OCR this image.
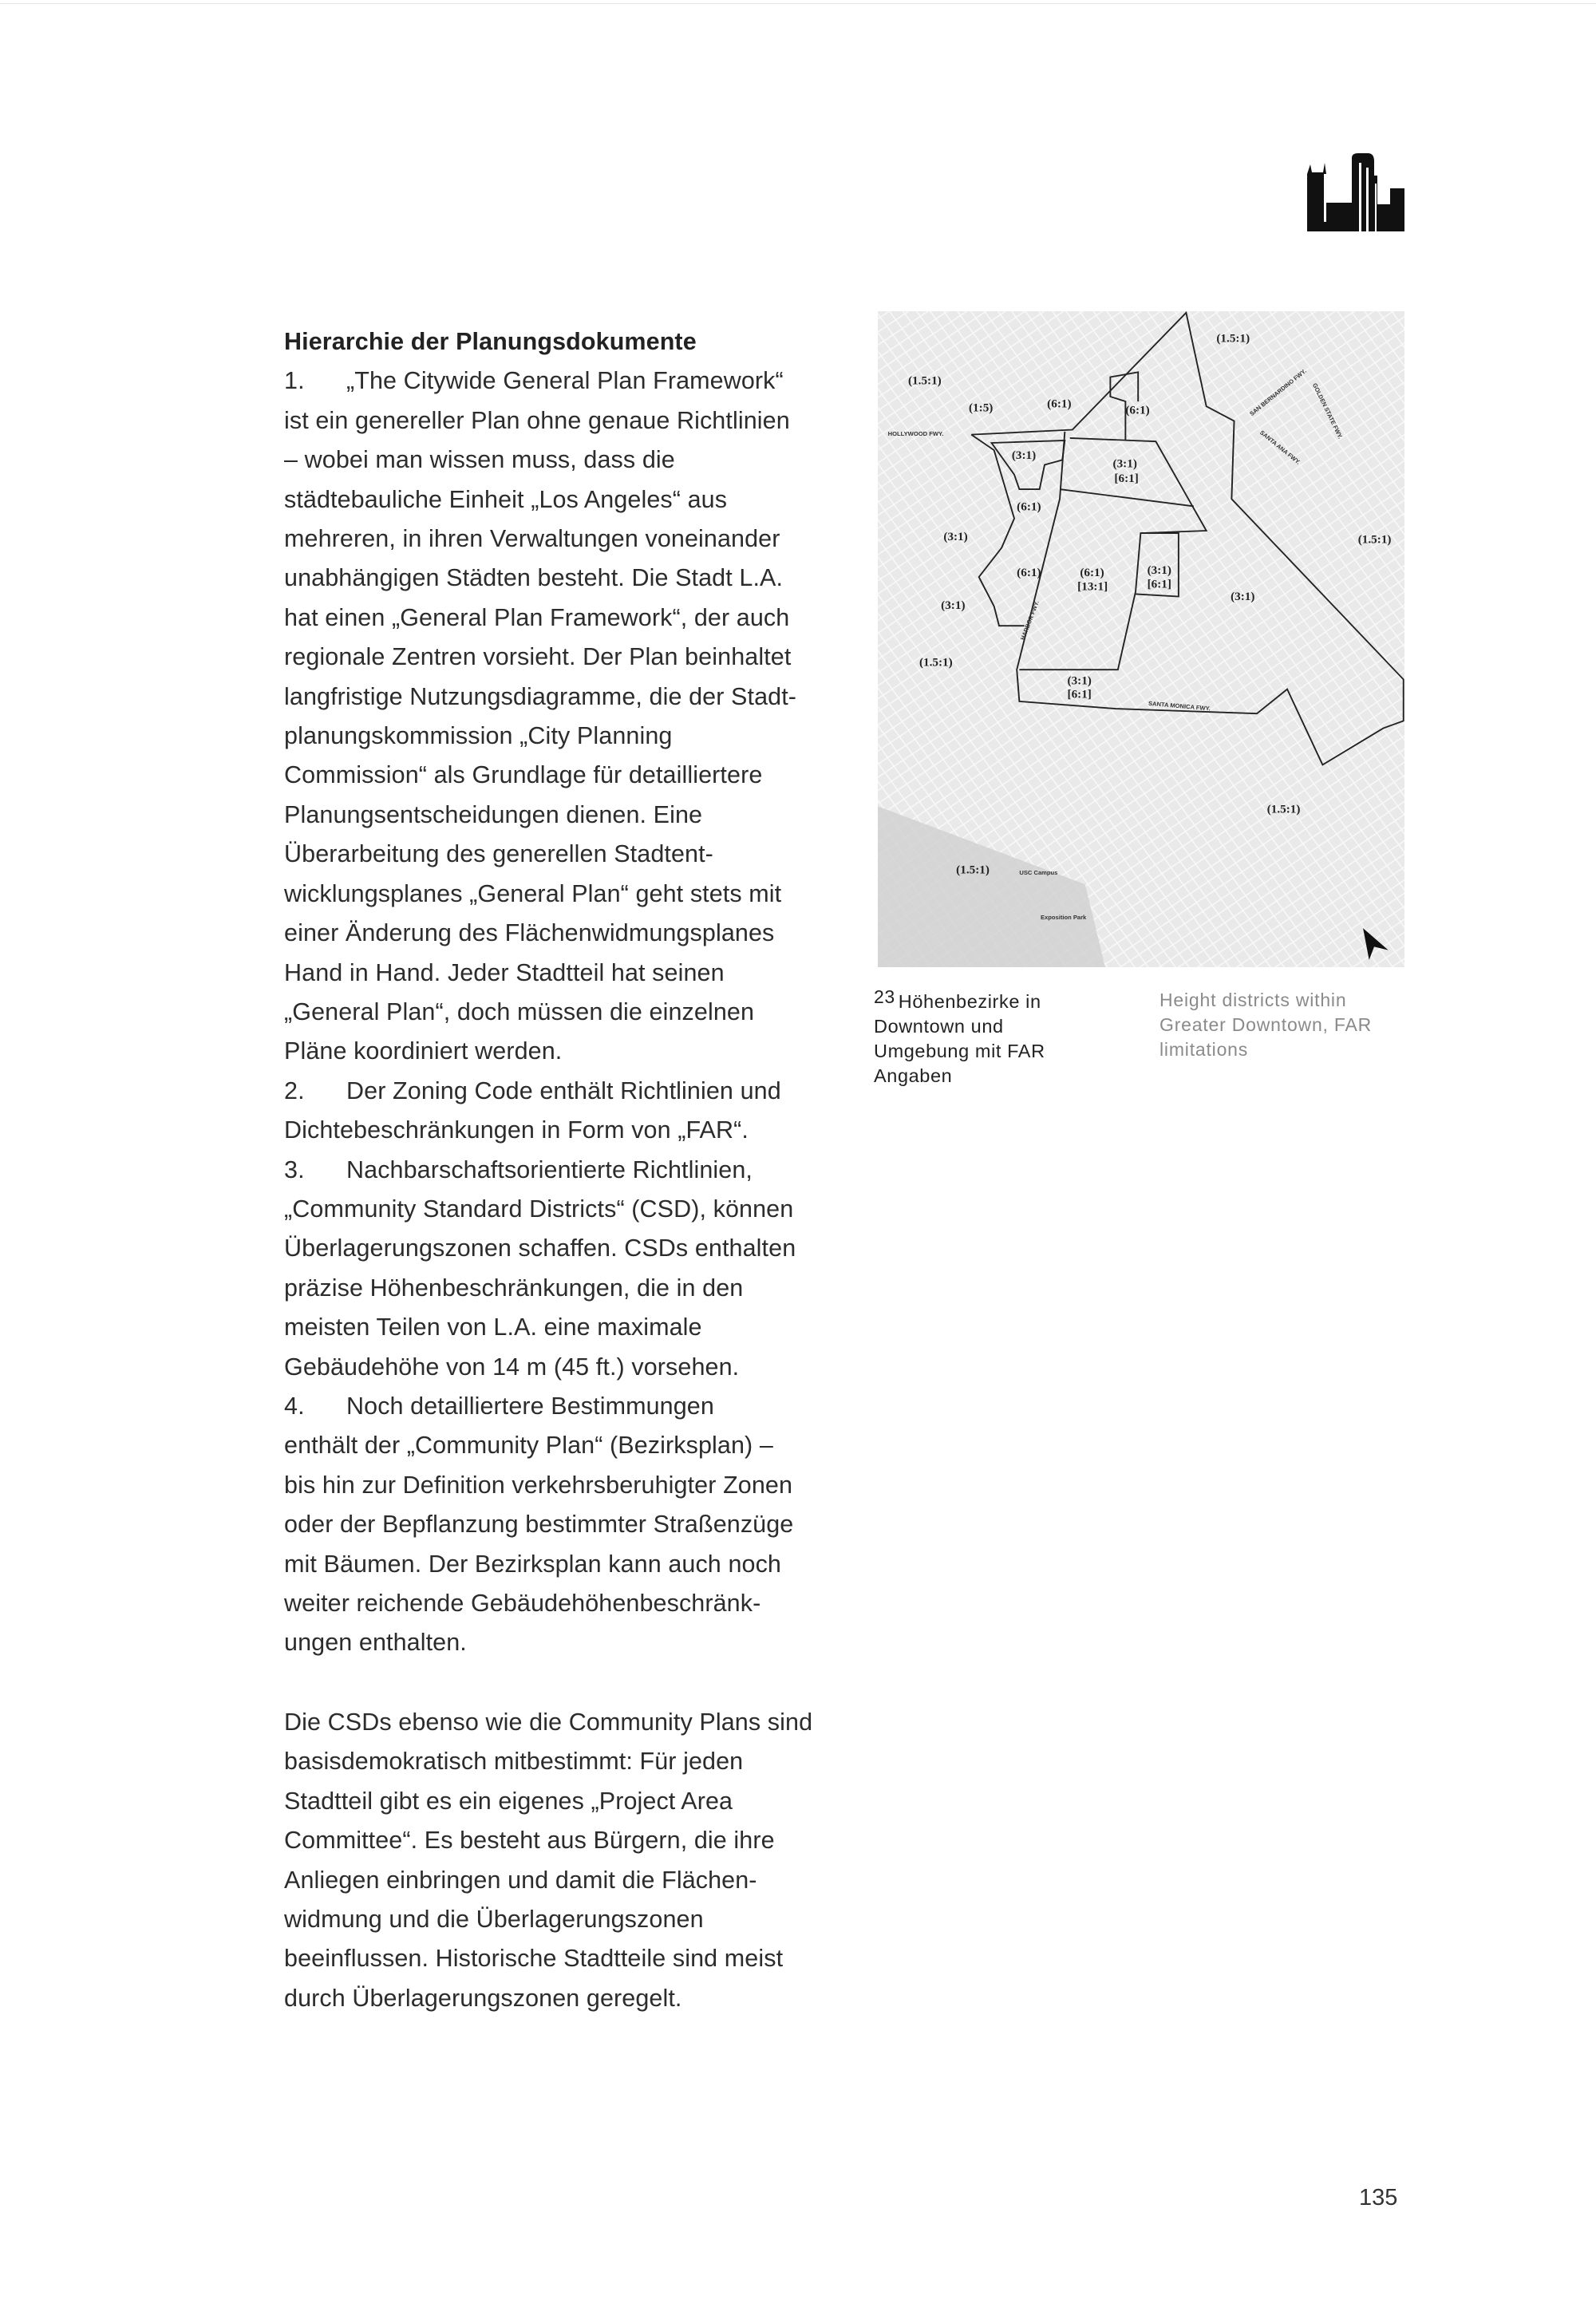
Hierarchie der Planungsdokumente
1. „The Citywide General Plan Framework“
ist ein genereller Plan ohne genaue Richtlinien
– wobei man wissen muss, dass die
städtebauliche Einheit „Los Angeles“ aus
mehreren, in ihren Verwaltungen voneinander
unabhängigen Städten besteht. Die Stadt L.A.
hat einen „General Plan Framework“, der auch
regionale Zentren vorsieht. Der Plan beinhaltet
langfristige Nutzungsdiagramme, die der Stadt-
planungskommission „City Planning
Commission“ als Grundlage für detailliertere
Planungsentscheidungen dienen. Eine
Überarbeitung des generellen Stadtent-
wicklungsplanes „General Plan“ geht stets mit
einer Änderung des Flächenwidmungsplanes
Hand in Hand. Jeder Stadtteil hat seinen
„General Plan“, doch müssen die einzelnen
Pläne koordiniert werden.
2. Der Zoning Code enthält Richtlinien und
Dichtebeschränkungen in Form von „FAR“.
3. Nachbarschaftsorientierte Richtlinien,
„Community Standard Districts“ (CSD), können
Überlagerungszonen schaffen. CSDs enthalten
präzise Höhenbeschränkungen, die in den
meisten Teilen von L.A. eine maximale
Gebäudehöhe von 14 m (45 ft.) vorsehen.
4. Noch detailliertere Bestimmungen
enthält der „Community Plan“ (Bezirksplan) –
bis hin zur Definition verkehrsberuhigter Zonen
oder der Bepflanzung bestimmter Straßenzüge
mit Bäumen. Der Bezirksplan kann auch noch
weiter reichende Gebäudehöhenbeschränk-
ungen enthalten.
Die CSDs ebenso wie die Community Plans sind
basisdemokratisch mitbestimmt: Für jeden
Stadtteil gibt es ein eigenes „Project Area
Committee“. Es besteht aus Bürgern, die ihre
Anliegen einbringen und damit die Flächen-
widmung und die Überlagerungszonen
beeinflussen. Historische Stadtteile sind meist
durch Überlagerungszonen geregelt.
(1.5:1)
(1.5:1)
(1:5)	(6:1)
(6:1)
(3:1)
(3:1)
[6:1]
(6:1)
(3:1)
(6:1) (6:1)
[13:1]
(3:1)
[6:1]
(3:1)
(1.5:1)
(3:1)
(1.5:1)
(3:1)
[6:1]
(1.5:1)
(1.5:1)
HOLLYWOOD FWY.
HARBOR FWY.
SANTA MONICA FWY.
SAN BERNARDINO FWY. GOLDEN STATE FWY.
SANTA ANA FWY.
USC Campus
Exposition Park
$^{23}$ Höhenbezirke in
Downtown und
Umgebung mit FAR
Angaben
Height districts within
Greater Downtown, FAR
limitations
135
